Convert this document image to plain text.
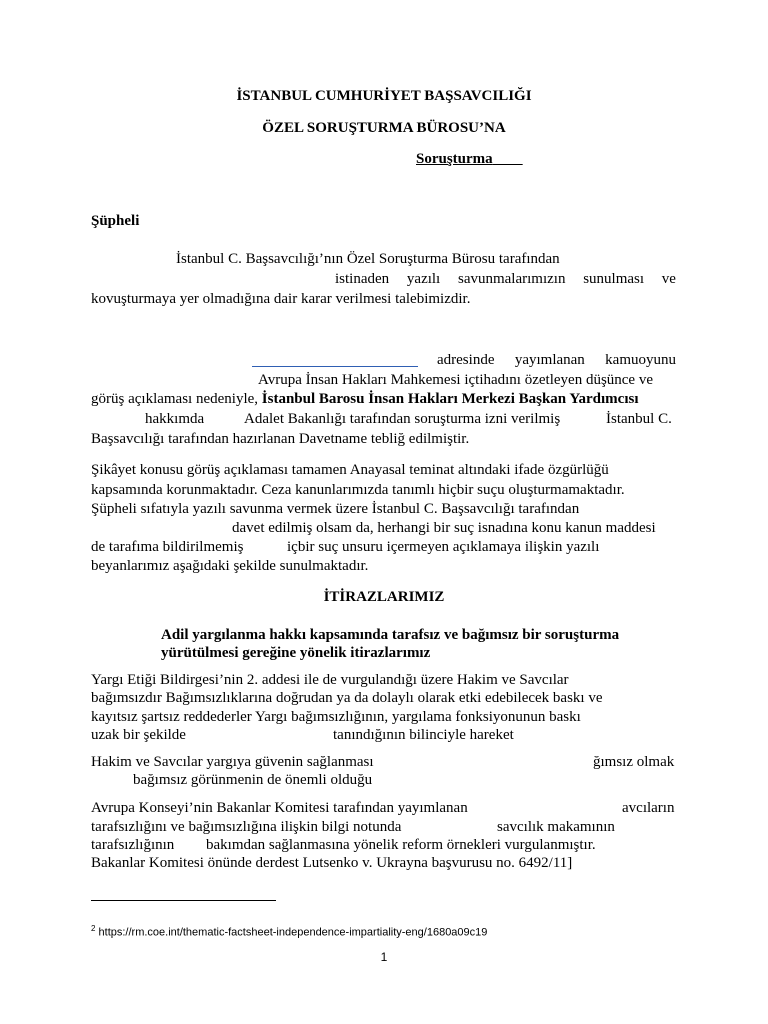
İSTANBUL CUMHURİYET BAŞSAVCILIĞI
ÖZEL SORUŞTURMA BÜROSU’NA
Soruşturma
Şüpheli
İstanbul C. Başsavcılığı’nın Özel Soruşturma Bürosu tarafından
istinaden yazılı savunmalarımızın sunulması ve
kovuşturmaya yer olmadığına dair karar verilmesi talebimizdir.
adresinde yayımlanan kamuoyunu
Avrupa İnsan Hakları Mahkemesi içtihadını özetleyen düşünce ve
görüş açıklaması nedeniyle, İstanbul Barosu İnsan Hakları Merkezi Başkan Yardımcısı
hakkımda	Adalet Bakanlığı tarafından soruşturma izni verilmiş	İstanbul C.
Başsavcılığı tarafından hazırlanan Davetname tebliğ edilmiştir.
Şikâyet konusu görüş açıklaması tamamen Anayasal teminat altındaki ifade özgürlüğü
kapsamında korunmaktadır. Ceza kanunlarımızda tanımlı hiçbir suçu oluşturmamaktadır.
Şüpheli sıfatıyla yazılı savunma vermek üzere İstanbul C. Başsavcılığı tarafından
davet edilmiş olsam da, herhangi bir suç isnadına konu kanun maddesi
de tarafıma bildirilmemiş	içbir suç unsuru içermeyen açıklamaya ilişkin yazılı
beyanlarımız aşağıdaki şekilde sunulmaktadır.
İTİRAZLARIMIZ
Adil yargılanma hakkı kapsamında tarafsız ve bağımsız bir soruşturma
yürütülmesi gereğine yönelik itirazlarımız
Yargı Etiği Bildirgesi’nin 2. addesi ile de vurgulandığı üzere Hakim ve Savcılar
bağımsızdır Bağımsızlıklarına doğrudan ya da dolaylı olarak etki edebilecek baskı ve
kayıtsız şartsız reddederler Yargı bağımsızlığının, yargılama fonksiyonunun baskı
uzak bir şekilde	tanındığının bilinciyle hareket
Hakim ve Savcılar yargıya güvenin sağlanması	ğımsız olmak
bağımsız görünmenin de önemli olduğu
Avrupa Konseyi’nin Bakanlar Komitesi tarafından yayımlanan	avcıların
tarafsızlığını ve bağımsızlığına ilişkin bilgi notunda	savcılık makamının
tarafsızlığının bakımdan sağlanmasına yönelik reform örnekleri vurgulanmıştır.
Bakanlar Komitesi önünde derdest Lutsenko v. Ukrayna başvurusu no. 6492/11]
$^2$ https://rm.coe.int/thematic-factsheet-independence-impartiality-eng/1680a09c19
1
